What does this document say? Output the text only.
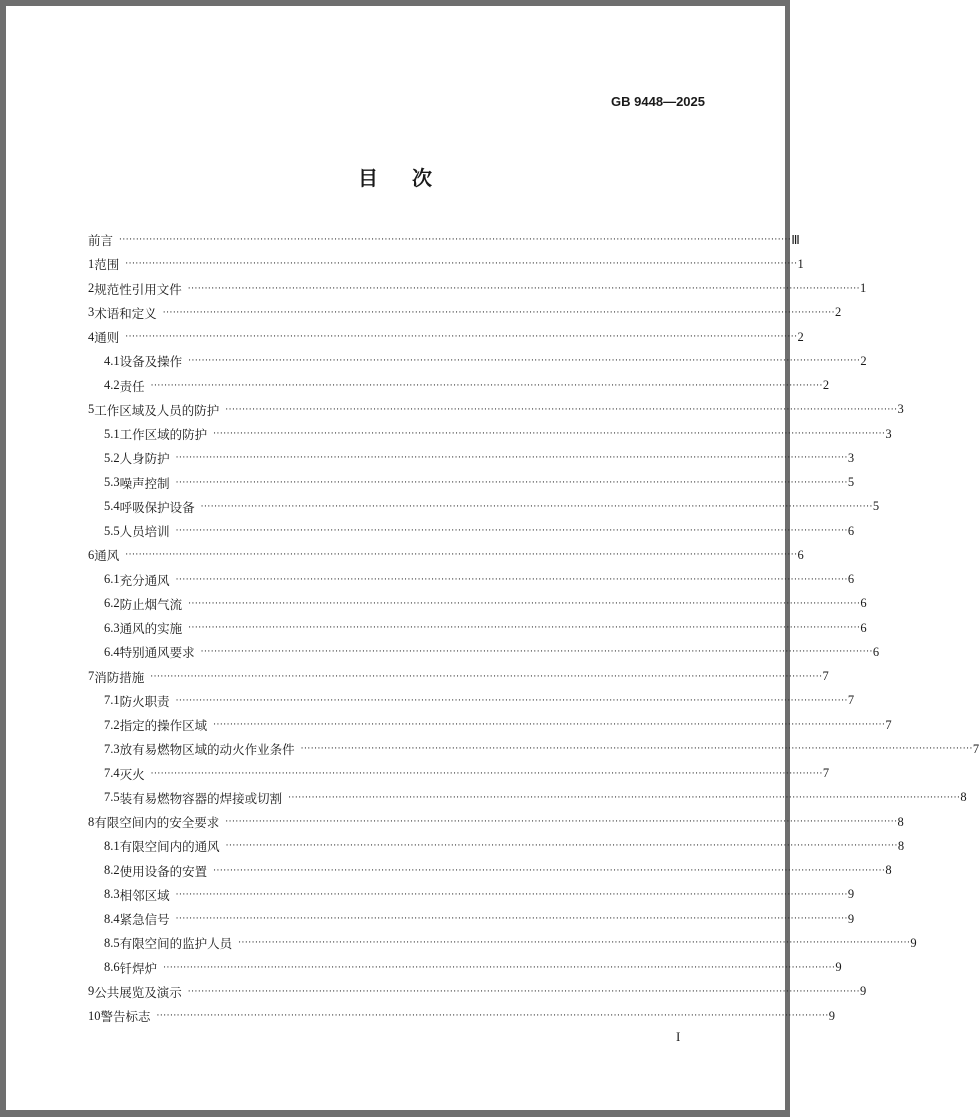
GB 9448—2025
目次
前言 ········································································································································································································ Ⅲ
1 范围 ········································································································································································································ 1
2 规范性引用文件 ········································································································································································································ 1
3 术语和定义 ········································································································································································································ 2
4 通则 ········································································································································································································ 2
4.1 设备及操作 ········································································································································································································ 2
4.2 责任 ········································································································································································································ 2
5 工作区域及人员的防护 ········································································································································································································ 3
5.1 工作区域的防护 ········································································································································································································ 3
5.2 人身防护 ········································································································································································································ 3
5.3 噪声控制 ········································································································································································································ 5
5.4 呼吸保护设备 ········································································································································································································ 5
5.5 人员培训 ········································································································································································································ 6
6 通风 ········································································································································································································ 6
6.1 充分通风 ········································································································································································································ 6
6.2 防止烟气流 ········································································································································································································ 6
6.3 通风的实施 ········································································································································································································ 6
6.4 特别通风要求 ········································································································································································································ 6
7 消防措施 ········································································································································································································ 7
7.1 防火职责 ········································································································································································································ 7
7.2 指定的操作区域 ········································································································································································································ 7
7.3 放有易燃物区域的动火作业条件 ········································································································································································································ 7
7.4 灭火 ········································································································································································································ 7
7.5 装有易燃物容器的焊接或切割 ········································································································································································································ 8
8 有限空间内的安全要求 ········································································································································································································ 8
8.1 有限空间内的通风 ········································································································································································································ 8
8.2 使用设备的安置 ········································································································································································································ 8
8.3 相邻区域 ········································································································································································································ 9
8.4 紧急信号 ········································································································································································································ 9
8.5 有限空间的监护人员 ········································································································································································································ 9
8.6 钎焊炉 ········································································································································································································ 9
9 公共展览及演示 ········································································································································································································ 9
10 警告标志 ········································································································································································································ 9
I
